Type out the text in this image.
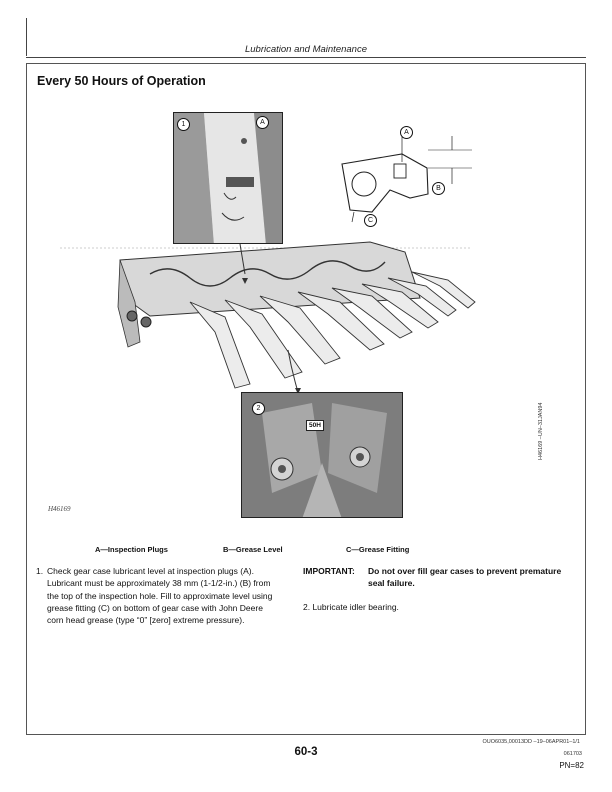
Lubrication and Maintenance
Every 50 Hours of Operation
1	A
A
B
C
2
50H	H46169 –UN–31JAN94
H46169
A—Inspection Plugs	B—Grease Level	C—Grease Fitting
1. Check gear case lubricant level at inspection plugs (A). Lubricant must be approximately 38 mm (1-1/2-in.) (B) from the top of the inspection hole. Fill to approximate level using grease fitting (C) on bottom of gear case with John Deere corn head grease (type “0” [zero] extreme pressure).
IMPORTANT:	Do not over fill gear cases to prevent premature seal failure.
2. Lubricate idler bearing.
OUO6035,00013DD –19–06APR01–1/1
60-3	061703
PN=82
